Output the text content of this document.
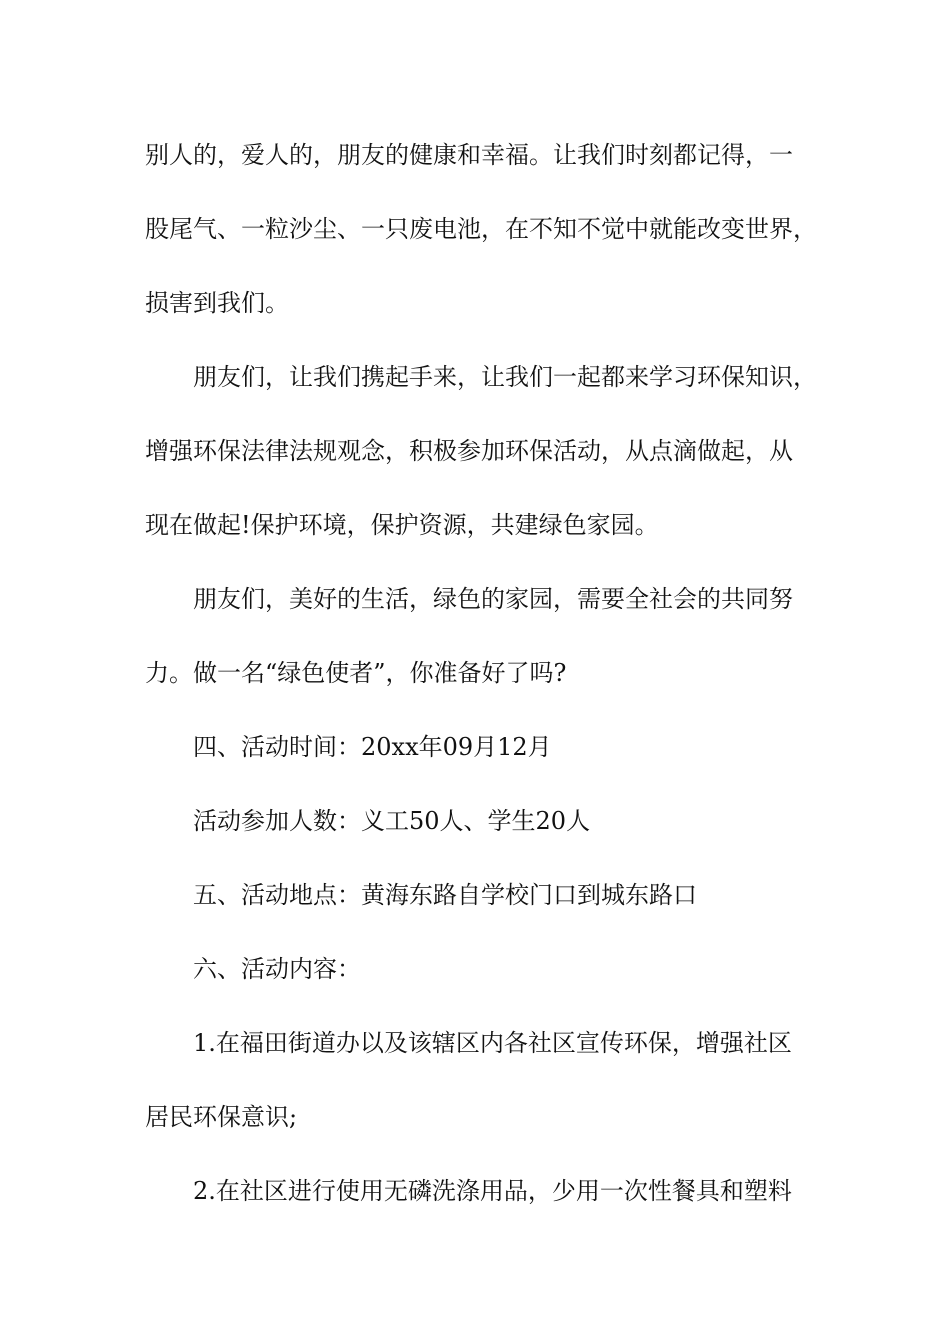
别人的，爱人的，朋友的健康和幸福。让我们时刻都记得，一
股尾气、一粒沙尘、一只废电池，在不知不觉中就能改变世界，
损害到我们。
朋友们，让我们携起手来，让我们一起都来学习环保知识，
增强环保法律法规观念，积极参加环保活动，从点滴做起，从
现在做起!保护环境，保护资源，共建绿色家园。
朋友们，美好的生活，绿色的家园，需要全社会的共同努
力。做一名“绿色使者”，你准备好了吗?
四、活动时间：20xx年09月12月
活动参加人数：义工50人、学生20人
五、活动地点：黄海东路自学校门口到城东路口
六、活动内容：
1.在福田街道办以及该辖区内各社区宣传环保，增强社区
居民环保意识;
2.在社区进行使用无磷洗涤用品，少用一次性餐具和塑料
